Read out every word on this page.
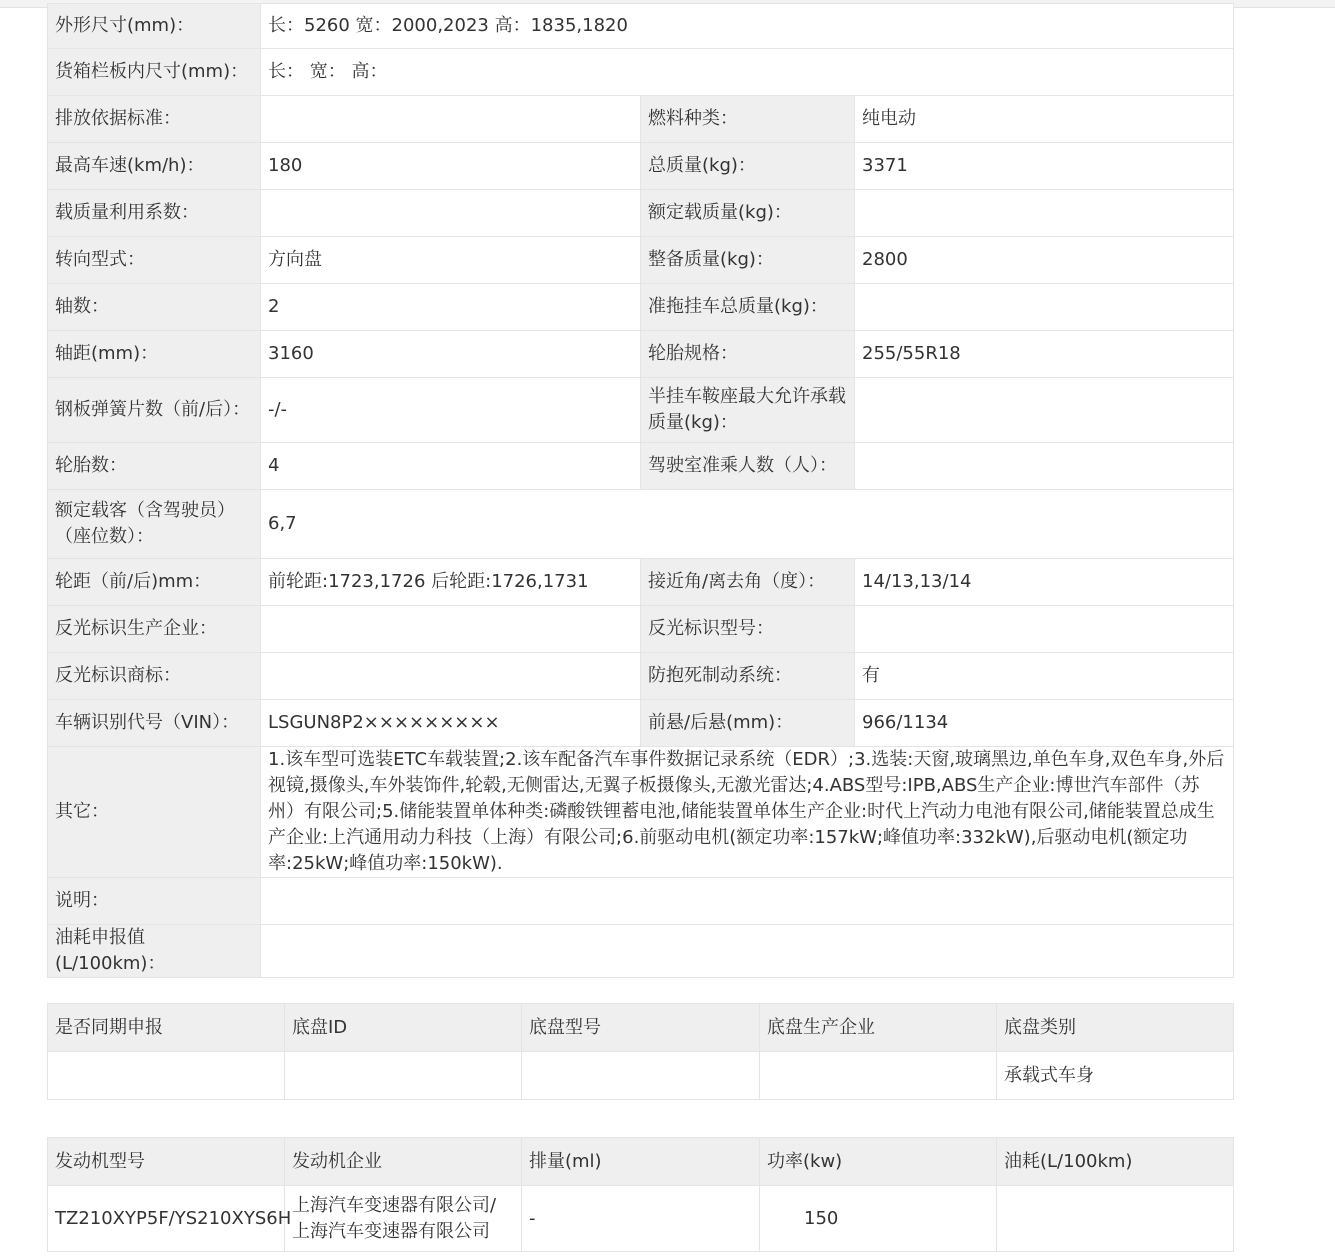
外形尺寸(mm)：	长：5260 宽：2000,2023 高：1835,1820		
货箱栏板内尺寸(mm)：	长： 宽： 高：		
排放依据标准：		燃料种类：	纯电动
最高车速(km/h)：	180	总质量(kg)：	3371
载质量利用系数：		额定载质量(kg)：	
转向型式：	方向盘	整备质量(kg)：	2800
轴数：	2	准拖挂车总质量(kg)：	
轴距(mm)：	3160	轮胎规格：	255/55R18
钢板弹簧片数（前/后）：	-/-	半挂车鞍座最大允许承载质量(kg)：	
轮胎数：	4	驾驶室准乘人数（人）：	
额定载客（含驾驶员）（座位数）：	6,7		
轮距（前/后)mm：	前轮距:1723,1726 后轮距:1726,1731	接近角/离去角（度）：	14/13,13/14
反光标识生产企业：		反光标识型号：	
反光标识商标：		防抱死制动系统：	有
车辆识别代号（VIN）：	LSGUN8P2×××××××××	前悬/后悬(mm)：	966/1134
其它：	1.该车型可选装ETC车载装置;2.该车配备汽车事件数据记录系统（EDR）;3.选装:天窗,玻璃黑边,单色车身,双色车身,外后视镜,摄像头,车外装饰件,轮毂,无侧雷达,无翼子板摄像头,无激光雷达;4.ABS型号:IPB,ABS生产企业:博世汽车部件（苏州）有限公司;5.储能装置单体种类:磷酸铁锂蓄电池,储能装置单体生产企业:时代上汽动力电池有限公司,储能装置总成生产企业:上汽通用动力科技（上海）有限公司;6.前驱动电机(额定功率:157kW;峰值功率:332kW),后驱动电机(额定功率:25kW;峰值功率:150kW).		
说明：			
油耗申报值(L/100km)：			
是否同期申报	底盘ID	底盘型号	底盘生产企业	底盘类别
				承载式车身
发动机型号	发动机企业	排量(ml)	功率(kw)	油耗(L/100km)
TZ210XYP5F/YS210XYS6H	上海汽车变速器有限公司/上海汽车变速器有限公司	-	150	
